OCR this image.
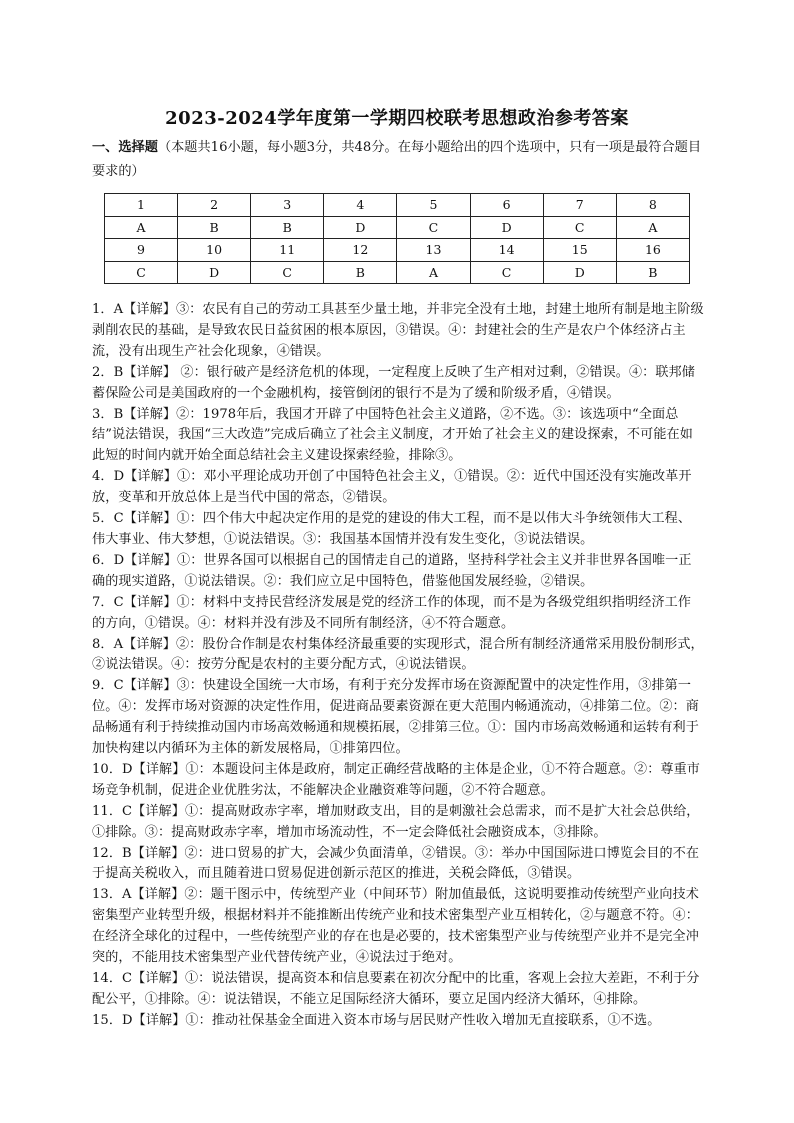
2023-2024学年度第一学期四校联考思想政治参考答案
一、选择题（本题共16小题，每小题3分，共48分。在每小题给出的四个选项中，只有一项是最符合题目要求的）
1	2	3	4	5	6	7	8
A	B	B	D	C	D	C	A
9	10	11	12	13	14	15	16
C	D	C	B	A	C	D	B

1．A【详解】③：农民有自己的劳动工具甚至少量土地，并非完全没有土地，封建土地所有制是地主阶级剥削农民的基础，是导致农民日益贫困的根本原因，③错误。④：封建社会的生产是农户个体经济占主流，没有出现生产社会化现象，④错误。

2．B【详解】 ②：银行破产是经济危机的体现，一定程度上反映了生产相对过剩，②错误。④：联邦储蓄保险公司是美国政府的一个金融机构，接管倒闭的银行不是为了缓和阶级矛盾，④错误。

3．B【详解】②：1978年后，我国才开辟了中国特色社会主义道路，②不选。③：该选项中“全面总结”说法错误，我国“三大改造”完成后确立了社会主义制度，才开始了社会主义的建设探索，不可能在如此短的时间内就开始全面总结社会主义建设探索经验，排除③。

4．D【详解】①：邓小平理论成功开创了中国特色社会主义，①错误。②：近代中国还没有实施改革开放，变革和开放总体上是当代中国的常态，②错误。

5．C【详解】①：四个伟大中起决定作用的是党的建设的伟大工程，而不是以伟大斗争统领伟大工程、伟大事业、伟大梦想，①说法错误。③：我国基本国情并没有发生变化，③说法错误。

6．D【详解】①：世界各国可以根据自己的国情走自己的道路，坚持科学社会主义并非世界各国唯一正确的现实道路，①说法错误。②：我们应立足中国特色，借鉴他国发展经验，②错误。

7．C【详解】①：材料中支持民营经济发展是党的经济工作的体现，而不是为各级党组织指明经济工作的方向，①错误。④：材料并没有涉及不同所有制经济，④不符合题意。

8．A【详解】②：股份合作制是农村集体经济最重要的实现形式，混合所有制经济通常采用股份制形式，②说法错误。④：按劳分配是农村的主要分配方式，④说法错误。

9．C【详解】③：快建设全国统一大市场，有利于充分发挥市场在资源配置中的决定性作用，③排第一位。④：发挥市场对资源的决定性作用，促进商品要素资源在更大范围内畅通流动，④排第二位。②：商品畅通有利于持续推动国内市场高效畅通和规模拓展，②排第三位。①：国内市场高效畅通和运转有利于加快构建以内循环为主体的新发展格局，①排第四位。

10．D【详解】①：本题设问主体是政府，制定正确经营战略的主体是企业，①不符合题意。②：尊重市场竞争机制，促进企业优胜劣汰，不能解决企业融资难等问题，②不符合题意。

11．C【详解】①：提高财政赤字率，增加财政支出，目的是刺激社会总需求，而不是扩大社会总供给，①排除。③：提高财政赤字率，增加市场流动性，不一定会降低社会融资成本，③排除。

12．B【详解】②：进口贸易的扩大，会减少负面清单，②错误。③：举办中国国际进口博览会目的不在于提高关税收入，而且随着进口贸易促进创新示范区的推进，关税会降低，③错误。

13．A【详解】②：题干图示中，传统型产业（中间环节）附加值最低，这说明要推动传统型产业向技术密集型产业转型升级，根据材料并不能推断出传统产业和技术密集型产业互相转化，②与题意不符。④：在经济全球化的过程中，一些传统型产业的存在也是必要的，技术密集型产业与传统型产业并不是完全冲突的，不能用技术密集型产业代替传统产业，④说法过于绝对。

14．C【详解】①：说法错误，提高资本和信息要素在初次分配中的比重，客观上会拉大差距，不利于分配公平，①排除。④：说法错误，不能立足国际经济大循环，要立足国内经济大循环，④排除。

15．D【详解】①：推动社保基金全面进入资本市场与居民财产性收入增加无直接联系，①不选。
